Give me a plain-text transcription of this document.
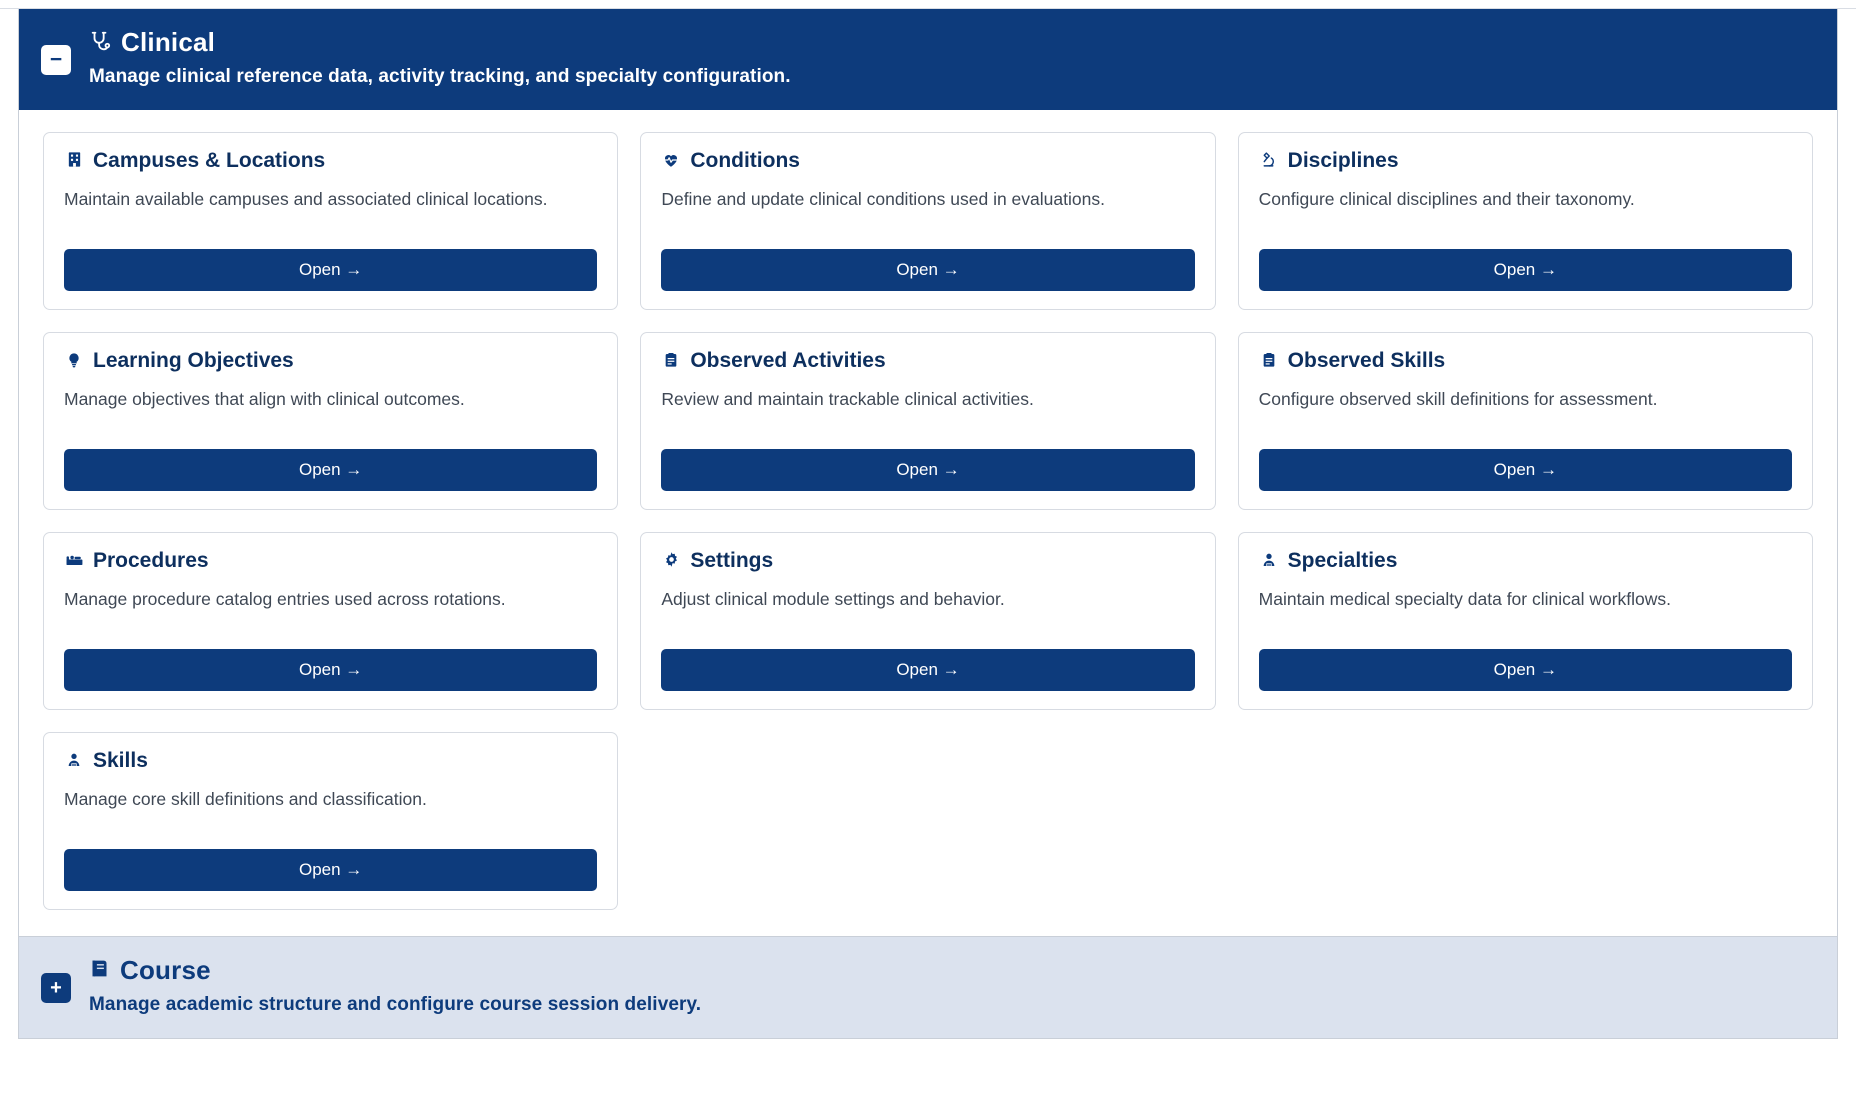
−
Clinical

Manage clinical reference data, activity tracking, and specialty configuration.

Campuses & Locations
Maintain available campuses and associated clinical locations.
Open →
Conditions
Define and update clinical conditions used in evaluations.
Open →
Disciplines
Configure clinical disciplines and their taxonomy.
Open →
Learning Objectives
Manage objectives that align with clinical outcomes.
Open →
Observed Activities
Review and maintain trackable clinical activities.
Open →
Observed Skills
Configure observed skill definitions for assessment.
Open →
Procedures
Manage procedure catalog entries used across rotations.
Open →
Settings
Adjust clinical module settings and behavior.
Open →
Specialties
Maintain medical specialty data for clinical workflows.
Open →
Skills
Manage core skill definitions and classification.
Open →
+
Course

Manage academic structure and configure course session delivery.
